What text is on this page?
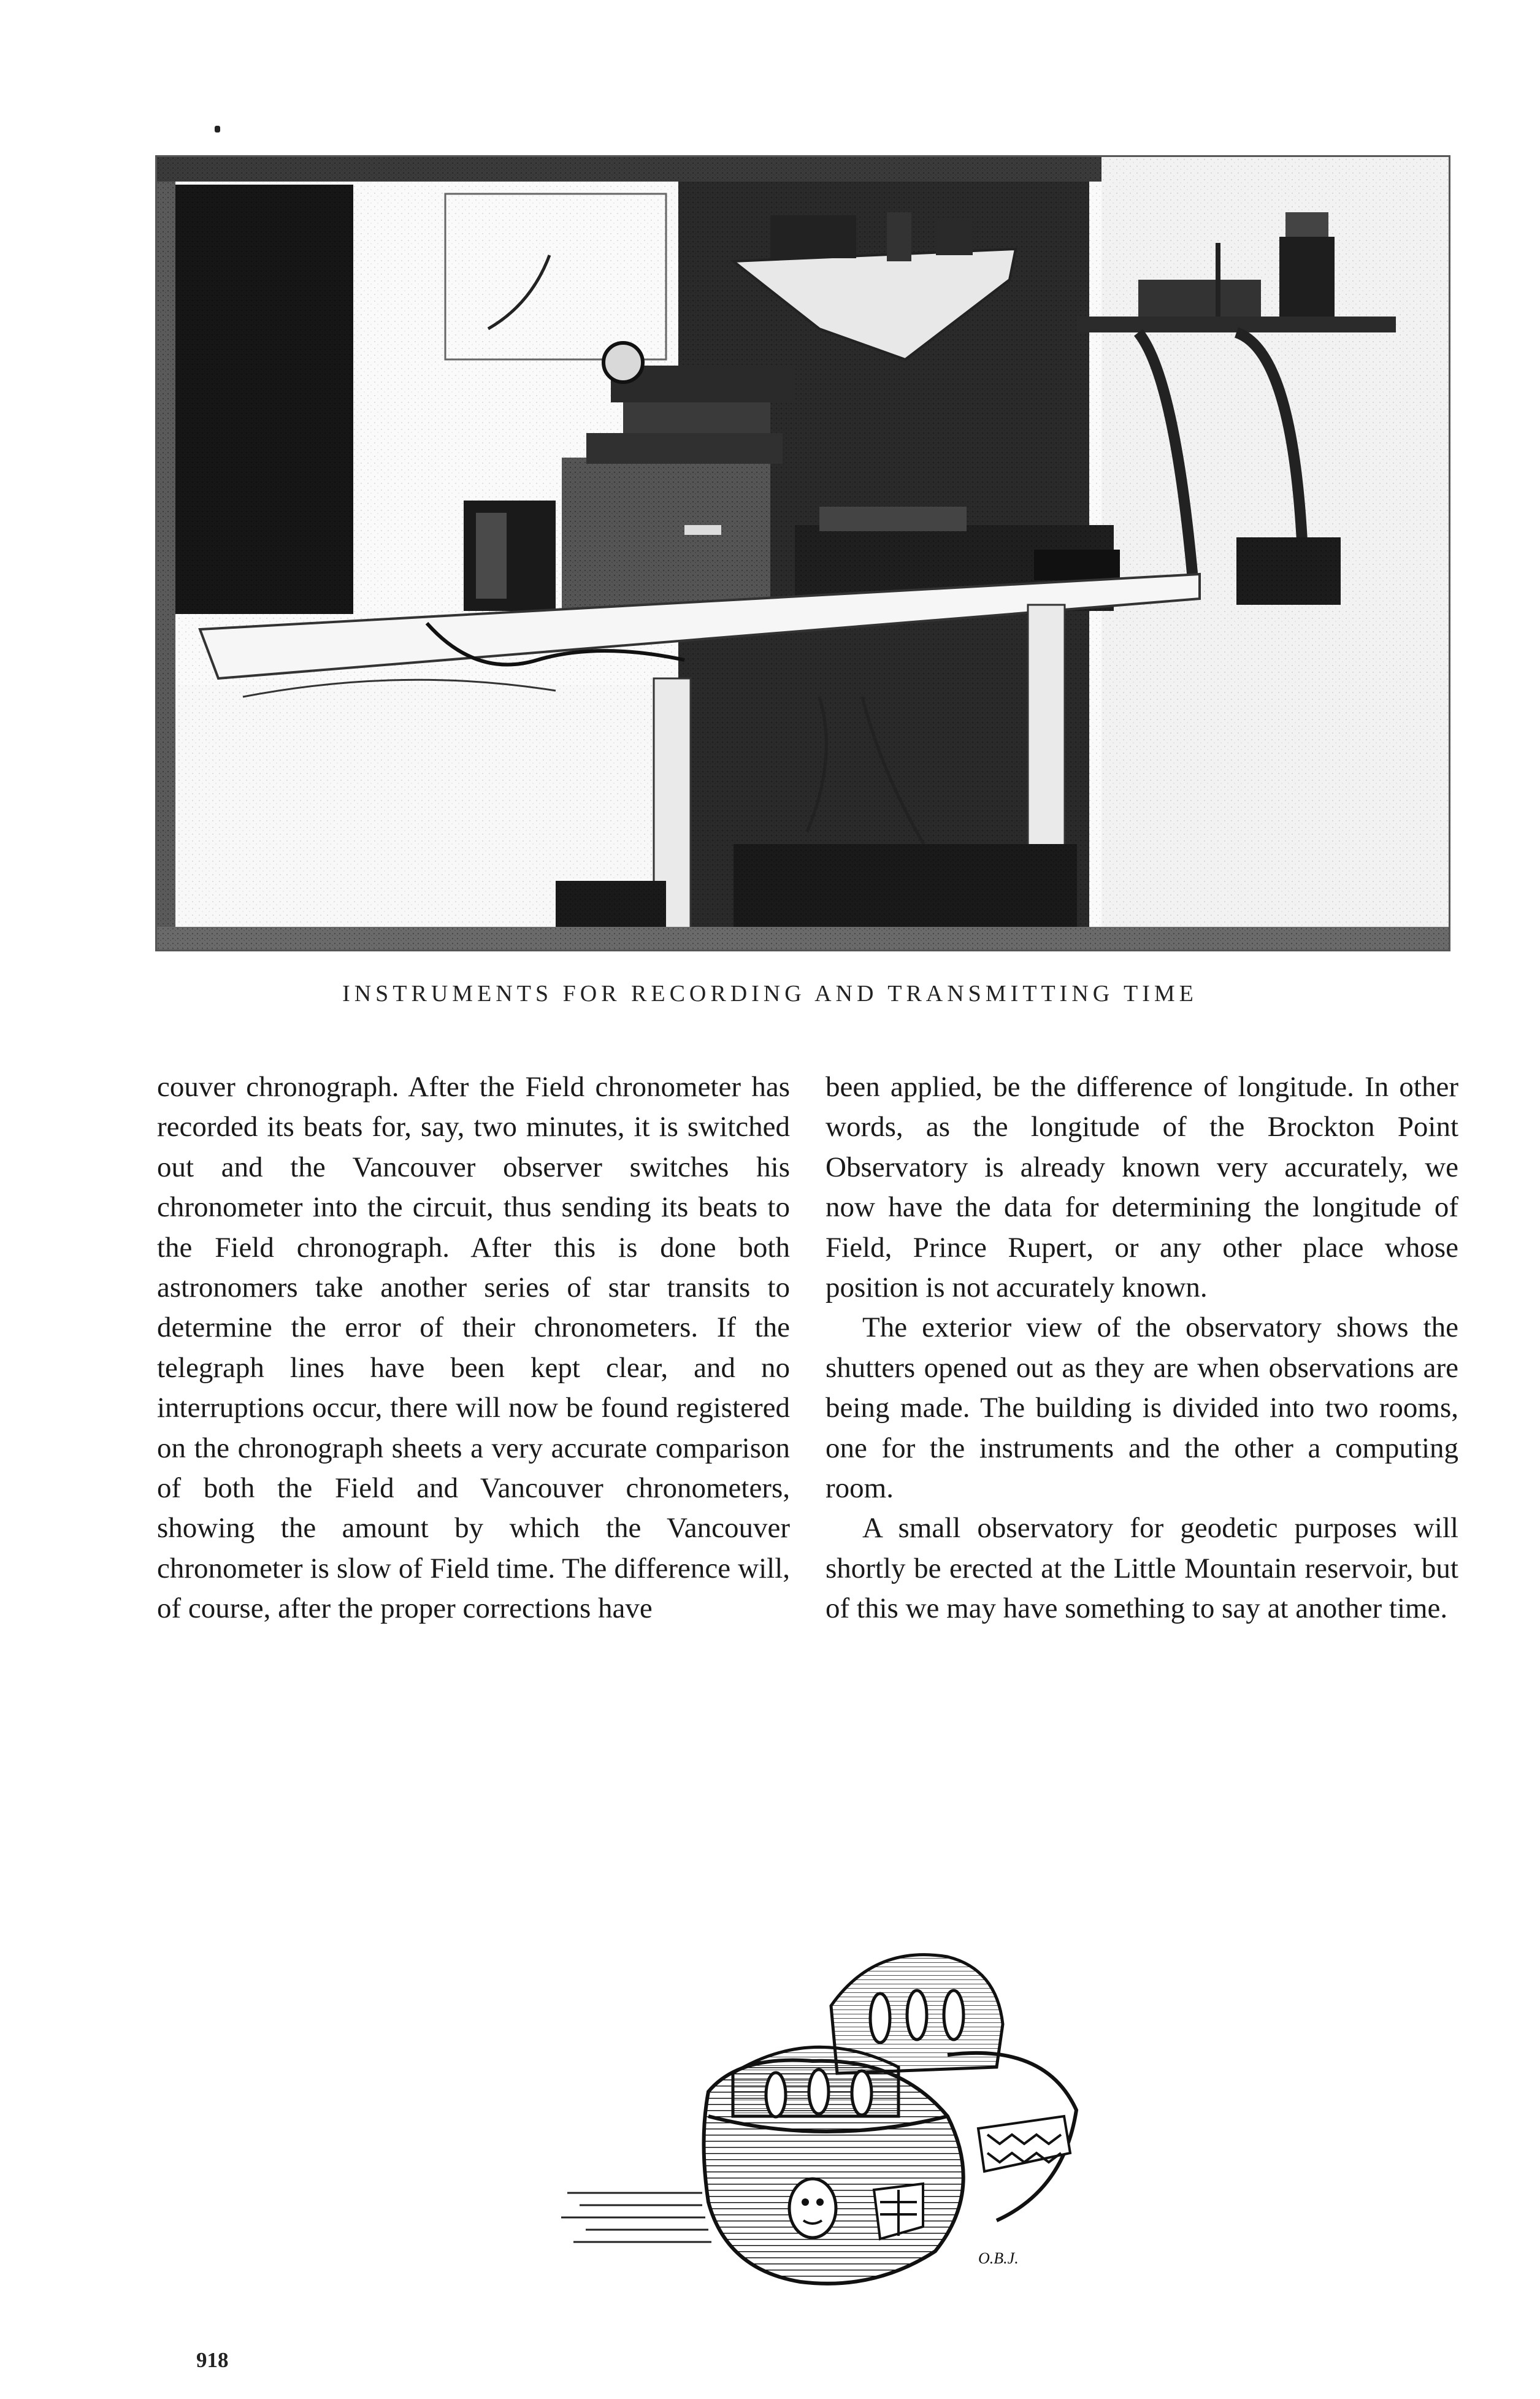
INSTRUMENTS FOR RECORDING AND TRANSMITTING TIME

couver chronograph. After the Field chronometer has recorded its beats for, say, two minutes, it is switched out and the Vancouver observer switches his chronometer into the circuit, thus sending its beats to the Field chronograph. After this is done both astronomers take another series of star transits to determine the error of their chronometers. If the telegraph lines have been kept clear, and no interruptions occur, there will now be found registered on the chronograph sheets a very accurate comparison of both the Field and Vancouver chronometers, showing the amount by which the Vancouver chronometer is slow of Field time. The difference will, of course, after the proper corrections have

been applied, be the difference of longitude. In other words, as the longitude of the Brockton Point Observatory is already known very accurately, we now have the data for determining the longitude of Field, Prince Rupert, or any other place whose position is not accurately known.

The exterior view of the observatory shows the shutters opened out as they are when observations are being made. The building is divided into two rooms, one for the instruments and the other a computing room.

A small observatory for geodetic purposes will shortly be erected at the Little Mountain reservoir, but of this we may have something to say at another time.

O.B.J.
918
